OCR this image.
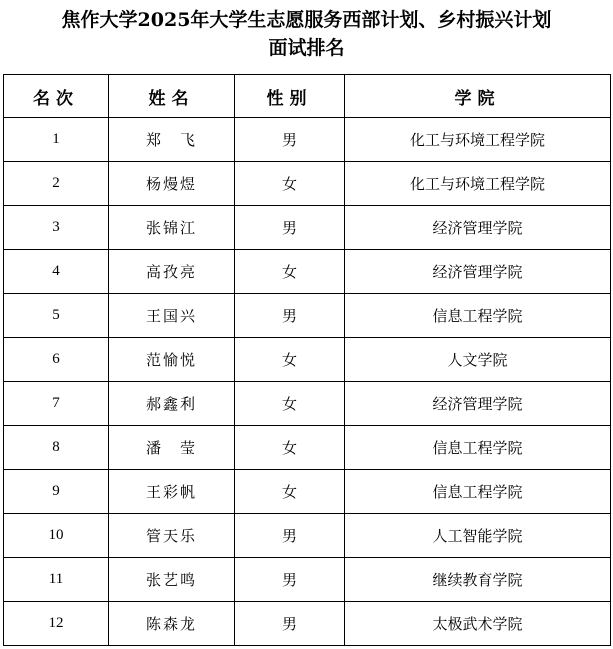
焦作大学2025年大学生志愿服务西部计划、乡村振兴计划
面试排名
名次	姓名	性别	学院
1	郑　飞	男	化工与环境工程学院
2	杨熳煜	女	化工与环境工程学院
3	张锦江	男	经济管理学院
4	高孜亮	女	经济管理学院
5	王国兴	男	信息工程学院
6	范愉悦	女	人文学院
7	郝鑫利	女	经济管理学院
8	潘　莹	女	信息工程学院
9	王彩帆	女	信息工程学院
10	管天乐	男	人工智能学院
11	张艺鸣	男	继续教育学院
12	陈森龙	男	太极武术学院
